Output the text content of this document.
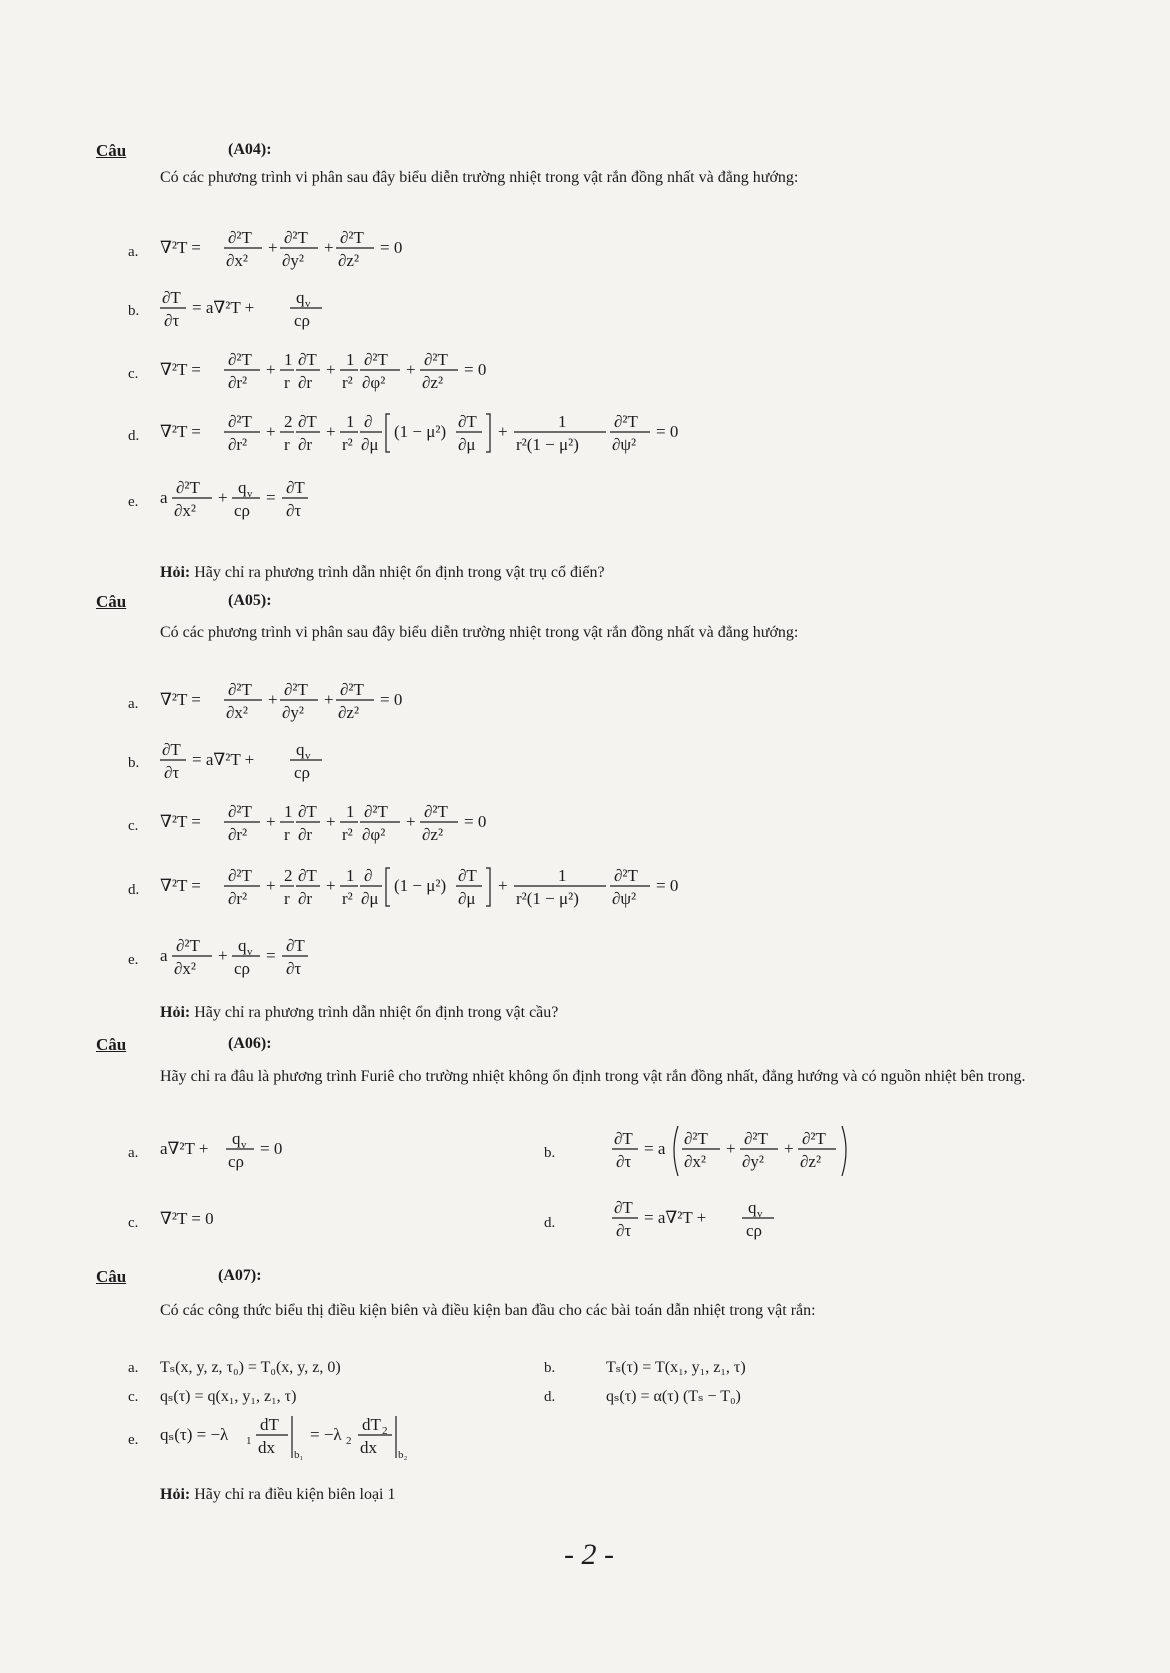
Câu	(A04):
Có các phương trình vi phân sau đây biểu diễn trường nhiệt trong vật rắn đồng nhất và đẳng hướng:
a. ∇²T =
∂²T
∂x²
+
∂²T
∂y²
+
∂²T
∂z²
= 0
b.
∂T
∂τ
= a∇²T +
q v
cρ
c. ∇²T =
∂²T
∂r²
+
1
r
∂T
∂r
+
1
r²
∂²T
∂φ²
+
∂²T
∂z²
= 0
d. ∇²T =
∂²T
∂r²
+
2
r
∂T
∂r
+
1
r²
∂
∂μ
(1 − μ²)
∂T
∂μ
+
1
r²(1 − μ²)
∂²T
∂ψ²
= 0
e. a
∂²T
∂x²
+
q v
cρ
=
∂T
∂τ
Hỏi: Hãy chỉ ra phương trình dẫn nhiệt ổn định trong vật trụ cổ điển?
Câu	(A05):
Có các phương trình vi phân sau đây biểu diễn trường nhiệt trong vật rắn đồng nhất và đẳng hướng:
a. ∇²T =
∂²T
∂x²
+
∂²T
∂y²
+
∂²T
∂z²
= 0
b.
∂T
∂τ
= a∇²T +
q v
cρ
c. ∇²T =
∂²T
∂r²
+
1
r
∂T
∂r
+
1
r²
∂²T
∂φ²
+
∂²T
∂z²
= 0
d. ∇²T =
∂²T
∂r²
+
2
r
∂T
∂r
+
1
r²
∂
∂μ
(1 − μ²)
∂T
∂μ
+
1
r²(1 − μ²)
∂²T
∂ψ²
= 0
e. a
∂²T
∂x²
+
q v
cρ
=
∂T
∂τ
Hỏi: Hãy chỉ ra phương trình dẫn nhiệt ổn định trong vật cầu?
Câu	(A06):
Hãy chỉ ra đâu là phương trình Furiê cho trường nhiệt không ổn định trong vật rắn đồng nhất, đẳng hướng và có nguồn nhiệt bên trong.
a. a∇²T +
q v
cρ
= 0	b.
∂T
∂τ
= a
∂²T
∂x²
+
∂²T
∂y²
+
∂²T
∂z²
c. ∇²T = 0	d.
∂T
∂τ
= a∇²T +
q v
cρ
Câu	(A07):
Có các công thức biểu thị điều kiện biên và điều kiện ban đầu cho các bài toán dẫn nhiệt trong vật rắn:
a. Tₛ(x, y, z, τ₀) = T₀(x, y, z, 0)	b.	Tₛ(τ) = T(x₁, y₁, z₁, τ)
c. qₛ(τ) = q(x₁, y₁, z₁, τ)	d.	qₛ(τ) = α(τ) (Tₛ − T₀)
e. qₛ(τ) = −λ 1
dT
dx b₁
= −λ 2
dT 2
dx b₂
Hỏi: Hãy chỉ ra điều kiện biên loại 1
- 2 -
